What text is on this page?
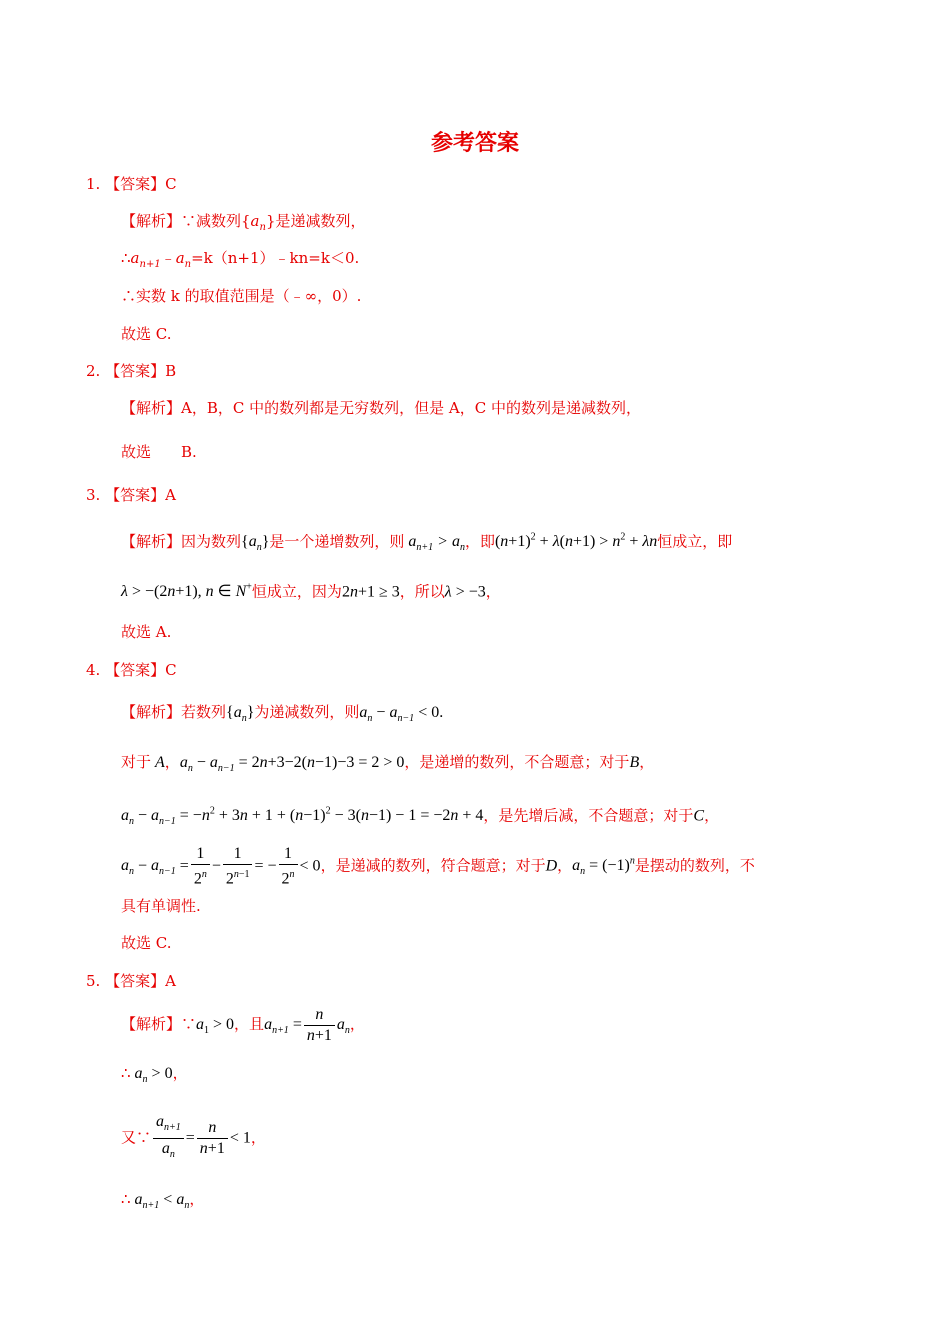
参考答案
1. 【答案】C
【解析】∵减数列$\{a_n\}$是递减数列，
$\therefore a_{n+1}﹣a_n=k(n+1)﹣kn=k<0$.
∴实数 k 的取值范围是（﹣∞，0）.
故选 C.
2. 【答案】B
【解析】A，B，C 中的数列都是无穷数列，但是 A，C 中的数列是递减数列，
故选　　B.
3. 【答案】A
【解析】因为数列$\{a_n\}$是一个递增数列，则 $a_{n+1} > a_n$，即$(n+1)^2 + \lambda(n+1) > n^2 + \lambda n$恒成立，即
λ > −(2n+1), n ∈ N+恒成立，因为2n+1 ≥ 3，所以λ > −3，
故选 A.
4. 【答案】C
【解析】若数列$\{a_n\}$为递减数列，则$a_n - a_{n-1} < 0$.
对于 A，$a_n - a_{n-1} = 2n+3-2(n-1)-3 = 2 > 0$，是递增的数列，不合题意；对于B，
$a_n - a_{n-1} = -n^2 + 3n + 1 + (n-1)^2 - 3(n-1) - 1 = -2n + 4$，是先增后减，不合题意；对于C，
$a_n - a_{n-1} = \frac{1}{2^n} - \frac{1}{2^{n-1}}$ = − $\frac{1}{2^n} < 0$，是递减的数列，符合题意；对于D，$a_n = (-1)^n$是摆动的数列，不
具有单调性.
故选 C.
5. 【答案】A
【解析】$\because a_1 > 0$，且$a_{n+1} = \frac{n}{n+1} a_n$，
∴ $a_n > 0$，
又∵ $\frac{a_{n+1}}{a_n} = \frac{n}{n+1} < 1$，
∴ $a_{n+1} < a_n$，
